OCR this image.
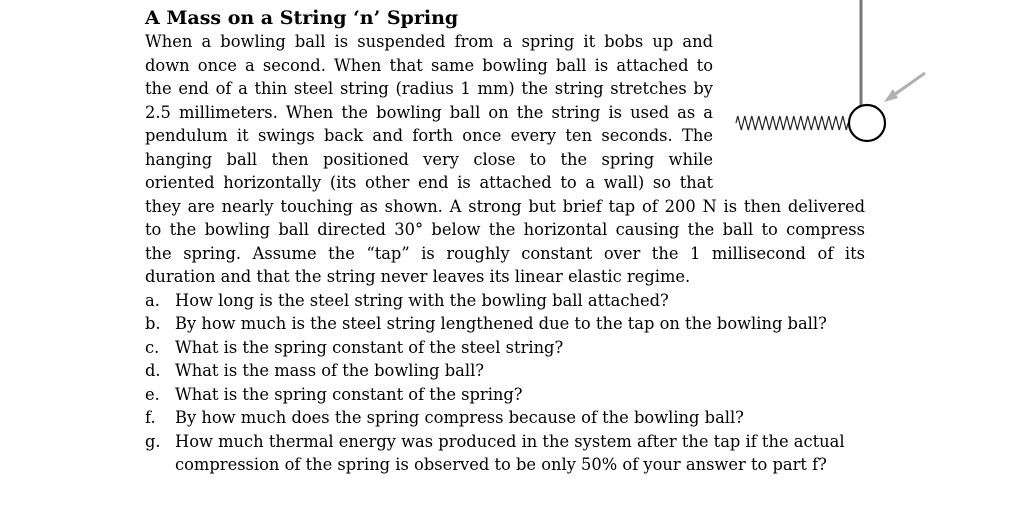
A Mass on a String ‘n’ Spring

When a bowling ball is suspended from a spring it bobs up and
down once a second. When that same bowling ball is attached to
the end of a thin steel string (radius 1 mm) the string stretches by
2.5 millimeters. When the bowling ball on the string is used as a
pendulum it swings back and forth once every ten seconds. The
hanging ball then positioned very close to the spring while
oriented horizontally (its other end is attached to a wall) so that
they are nearly touching as shown. A strong but brief tap of 200 N is then delivered
to the bowling ball directed 30° below the horizontal causing the ball to compress
the spring. Assume the “tap” is roughly constant over the 1 millisecond of its
duration and that the string never leaves its linear elastic regime.

a. How long is the steel string with the bowling ball attached?
b. By how much is the steel string lengthened due to the tap on the bowling ball?
c. What is the spring constant of the steel string?
d. What is the mass of the bowling ball?
e. What is the spring constant of the spring?
f. By how much does the spring compress because of the bowling ball?
g. How much thermal energy was produced in the system after the tap if the actual
compression of the spring is observed to be only 50% of your answer to part f?
